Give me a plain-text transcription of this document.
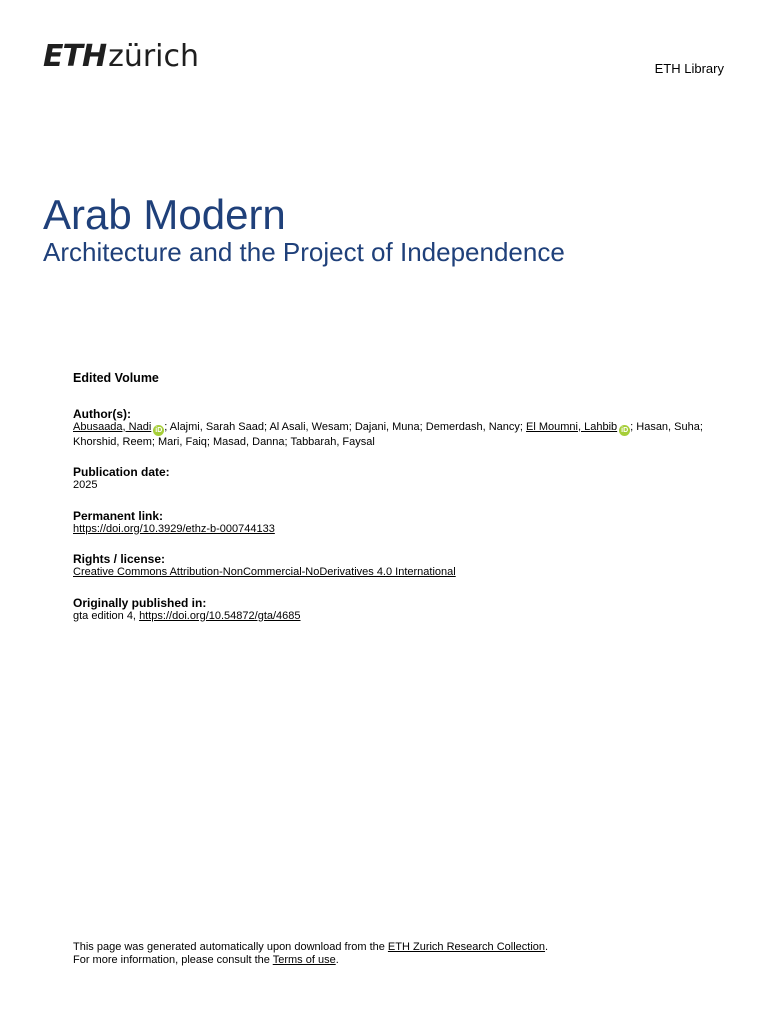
ETHzürich	ETH Library
Arab Modern
Architecture and the Project of Independence
Edited Volume
Author(s):
Abusaada, Nadi iD ; Alajmi, Sarah Saad; Al Asali, Wesam; Dajani, Muna; Demerdash, Nancy; El Moumni, Lahbib iD ; Hasan, Suha; Khorshid, Reem; Mari, Faiq; Masad, Danna; Tabbarah, Faysal
Publication date:
2025
Permanent link:
https://doi.org/10.3929/ethz-b-000744133
Rights / license:
Creative Commons Attribution-NonCommercial-NoDerivatives 4.0 International
Originally published in:
gta edition 4, https://doi.org/10.54872/gta/4685
This page was generated automatically upon download from the ETH Zurich Research Collection.
For more information, please consult the Terms of use.
